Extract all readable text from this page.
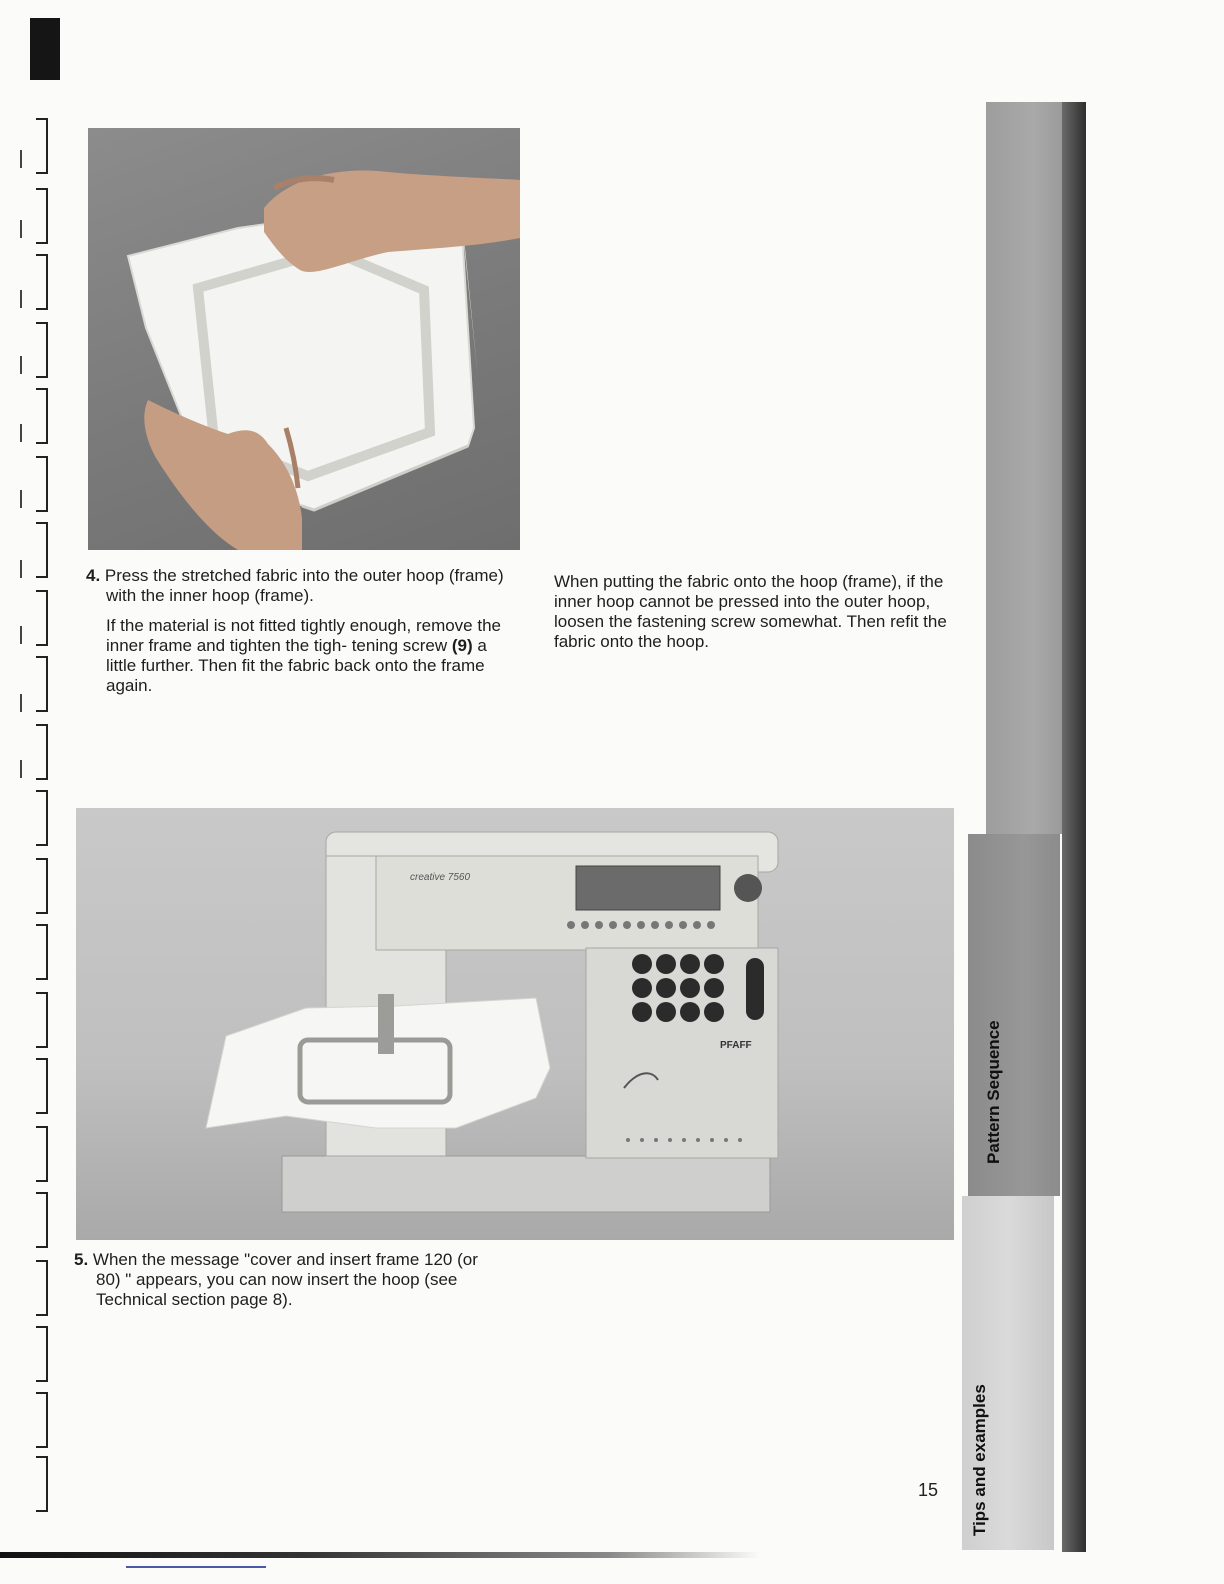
4. Press the stretched fabric into the outer hoop (frame) with the inner hoop (frame).

If the material is not fitted tightly enough, remove the inner frame and tighten the tigh- tening screw (9) a little further. Then fit the fabric back onto the frame again.

When putting the fabric onto the hoop (frame), if the inner hoop cannot be pressed into the outer hoop, loosen the fastening screw somewhat. Then refit the fabric onto the hoop.

creative 7560
PFAFF

5. When the message "cover and insert frame 120 (or 80) " appears, you can now insert the hoop (see Technical section page 8).

15
Pattern Sequence
Tips and examples
